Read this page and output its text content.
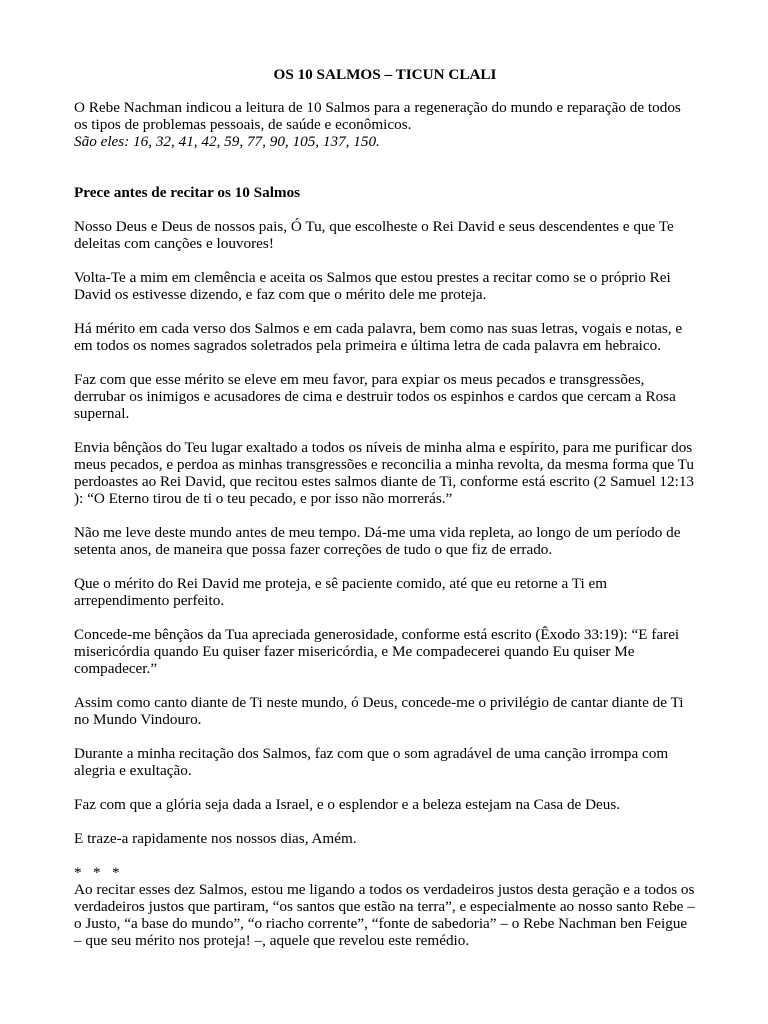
OS 10 SALMOS – TICUN CLALI
O Rebe Nachman indicou a leitura de 10 Salmos para a regeneração do mundo e reparação de todos os tipos de problemas pessoais, de saúde e econômicos.
São eles: 16, 32, 41, 42, 59, 77, 90, 105, 137, 150.
Prece antes de recitar os 10 Salmos

Nosso Deus e Deus de nossos pais, Ó Tu, que escolheste o Rei David e seus descendentes e que Te deleitas com canções e louvores!

Volta-Te a mim em clemência e aceita os Salmos que estou prestes a recitar como se o próprio Rei David os estivesse dizendo, e faz com que o mérito dele me proteja.

Há mérito em cada verso dos Salmos e em cada palavra, bem como nas suas letras, vogais e notas, e em todos os nomes sagrados soletrados pela primeira e última letra de cada palavra em hebraico.

Faz com que esse mérito se eleve em meu favor, para expiar os meus pecados e transgressões, derrubar os inimigos e acusadores de cima e destruir todos os espinhos e cardos que cercam a Rosa supernal.

Envia bênçãos do Teu lugar exaltado a todos os níveis de minha alma e espírito, para me purificar dos meus pecados, e perdoa as minhas transgressões e reconcilia a minha revolta, da mesma forma que Tu perdoastes ao Rei David, que recitou estes salmos diante de Ti, conforme está escrito (2 Samuel 12:13 ): “O Eterno tirou de ti o teu pecado, e por isso não morrerás.”

Não me leve deste mundo antes de meu tempo. Dá-me uma vida repleta, ao longo de um período de setenta anos, de maneira que possa fazer correções de tudo o que fiz de errado.

Que o mérito do Rei David me proteja, e sê paciente comido, até que eu retorne a Ti em arrependimento perfeito.

Concede-me bênçãos da Tua apreciada generosidade, conforme está escrito (Êxodo 33:19): “E farei misericórdia quando Eu quiser fazer misericórdia, e Me compadecerei quando Eu quiser Me compadecer.”

Assim como canto diante de Ti neste mundo, ó Deus, concede-me o privilégio de cantar diante de Ti no Mundo Vindouro.

Durante a minha recitação dos Salmos, faz com que o som agradável de uma canção irrompa com alegria e exultação.

Faz com que a glória seja dada a Israel, e o esplendor e a beleza estejam na Casa de Deus.

E traze-a rapidamente nos nossos dias, Amém.

*   *   *
Ao recitar esses dez Salmos, estou me ligando a todos os verdadeiros justos desta geração e a todos os verdadeiros justos que partiram, “os santos que estão na terra”, e especialmente ao nosso santo Rebe – o Justo, “a base do mundo”, “o riacho corrente”, “fonte de sabedoria” – o Rebe Nachman ben Feigue – que seu mérito nos proteja! –, aquele que revelou este remédio.
